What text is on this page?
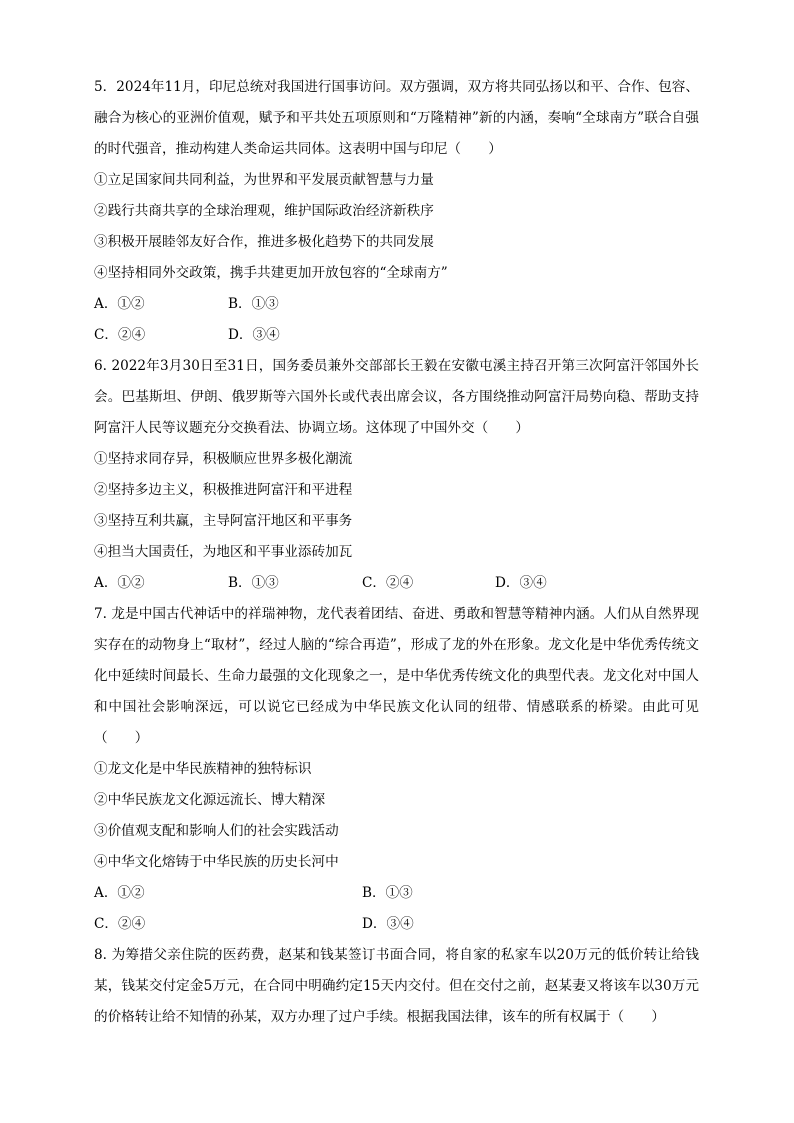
5．2024年11月，印尼总统对我国进行国事访问。双方强调，双方将共同弘扬以和平、合作、包容、融合为核心的亚洲价值观，赋予和平共处五项原则和“万隆精神”新的内涵，奏响“全球南方”联合自强的时代强音，推动构建人类命运共同体。这表明中国与印尼（　　）

①立足国家间共同利益，为世界和平发展贡献智慧与力量
②践行共商共享的全球治理观，维护国际政治经济新秩序
③积极开展睦邻友好合作，推进多极化趋势下的共同发展
④坚持相同外交政策，携手共建更加开放包容的“全球南方”
A．①②	B．①③
C．②④	D．③④

6. 2022年3月30日至31日，国务委员兼外交部部长王毅在安徽屯溪主持召开第三次阿富汗邻国外长会。巴基斯坦、伊朗、俄罗斯等六国外长或代表出席会议，各方围绕推动阿富汗局势向稳、帮助支持阿富汗人民等议题充分交换看法、协调立场。这体现了中国外交（　　）

①坚持求同存异，积极顺应世界多极化潮流
②坚持多边主义，积极推进阿富汗和平进程
③坚持互利共赢，主导阿富汗地区和平事务
④担当大国责任，为地区和平事业添砖加瓦
A．①②	B．①③	C．②④	D．③④

7. 龙是中国古代神话中的祥瑞神物，龙代表着团结、奋进、勇敢和智慧等精神内涵。人们从自然界现实存在的动物身上“取材”，经过人脑的“综合再造”，形成了龙的外在形象。龙文化是中华优秀传统文化中延续时间最长、生命力最强的文化现象之一，是中华优秀传统文化的典型代表。龙文化对中国人和中国社会影响深远，可以说它已经成为中华民族文化认同的纽带、情感联系的桥梁。由此可见（　　）

①龙文化是中华民族精神的独特标识
②中华民族龙文化源远流长、博大精深
③价值观支配和影响人们的社会实践活动
④中华文化熔铸于中华民族的历史长河中
A．①②	B．①③
C．②④	D．③④

8. 为筹措父亲住院的医药费，赵某和钱某签订书面合同，将自家的私家车以20万元的低价转让给钱某，钱某交付定金5万元，在合同中明确约定15天内交付。但在交付之前，赵某妻又将该车以30万元的价格转让给不知情的孙某，双方办理了过户手续。根据我国法律，该车的所有权属于（　　）
